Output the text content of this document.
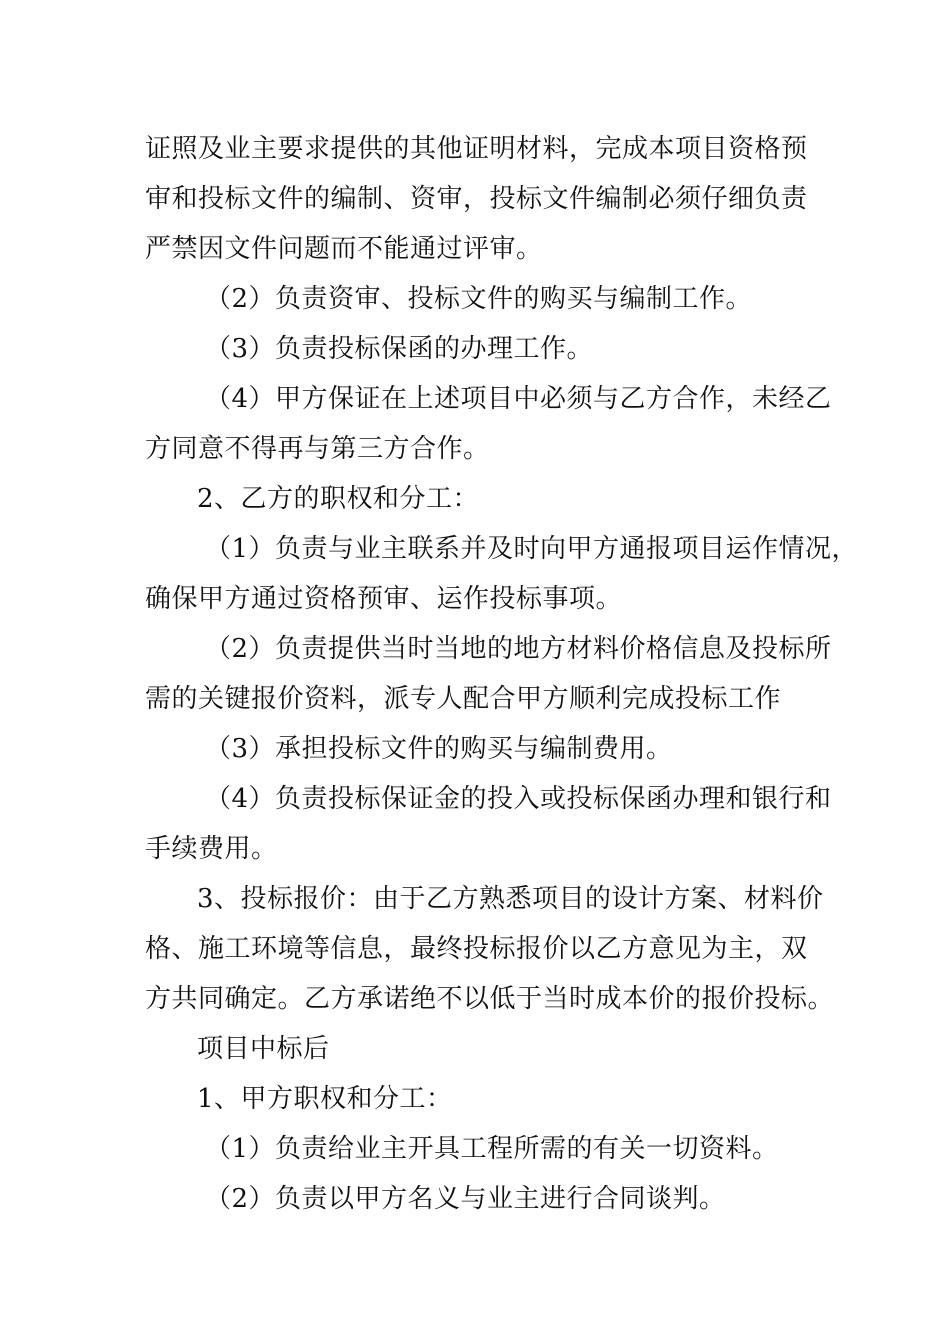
证照及业主要求提供的其他证明材料，完成本项目资格预
审和投标文件的编制、资审，投标文件编制必须仔细负责
严禁因文件问题而不能通过评审。
（2）负责资审、投标文件的购买与编制工作。
（3）负责投标保函的办理工作。
（4）甲方保证在上述项目中必须与乙方合作，未经乙
方同意不得再与第三方合作。
2、乙方的职权和分工：
（1）负责与业主联系并及时向甲方通报项目运作情况，
确保甲方通过资格预审、运作投标事项。
（2）负责提供当时当地的地方材料价格信息及投标所
需的关键报价资料，派专人配合甲方顺利完成投标工作
（3）承担投标文件的购买与编制费用。
（4）负责投标保证金的投入或投标保函办理和银行和
手续费用。
3、投标报价：由于乙方熟悉项目的设计方案、材料价
格、施工环境等信息，最终投标报价以乙方意见为主，双
方共同确定。乙方承诺绝不以低于当时成本价的报价投标。
项目中标后
1、甲方职权和分工：
（1）负责给业主开具工程所需的有关一切资料。
（2）负责以甲方名义与业主进行合同谈判。
